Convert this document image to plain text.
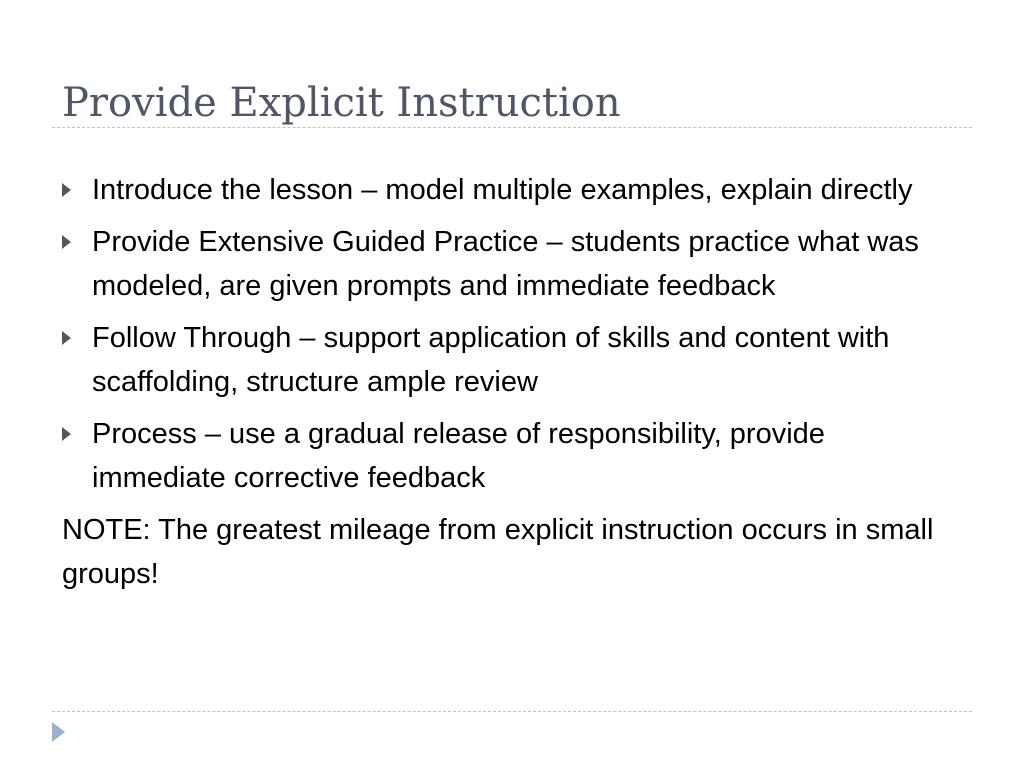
Provide Explicit Instruction
Introduce the lesson – model multiple examples, explain directly
Provide Extensive Guided Practice – students practice what was modeled, are given prompts and immediate feedback
Follow Through – support application of skills and content with scaffolding, structure ample review
Process – use a gradual release of responsibility, provide immediate corrective feedback

NOTE: The greatest mileage from explicit instruction occurs in small groups!
